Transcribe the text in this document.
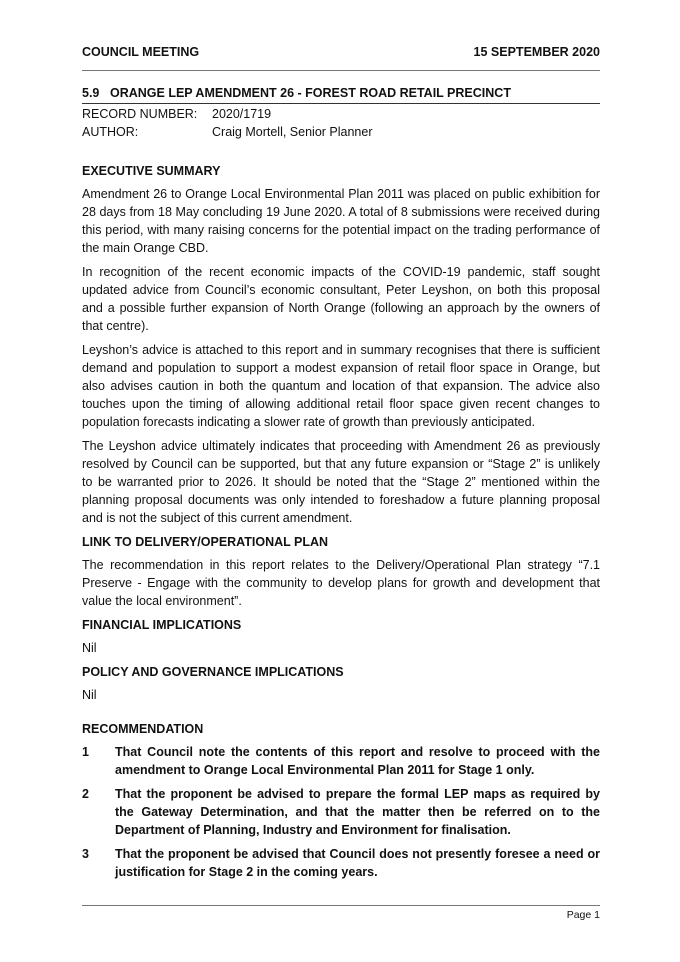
COUNCIL MEETING	15 SEPTEMBER 2020
5.9 ORANGE LEP AMENDMENT 26 - FOREST ROAD RETAIL PRECINCT
RECORD NUMBER:	2020/1719
AUTHOR:	Craig Mortell, Senior Planner
EXECUTIVE SUMMARY
Amendment 26 to Orange Local Environmental Plan 2011 was placed on public exhibition for 28 days from 18 May concluding 19 June 2020. A total of 8 submissions were received during this period, with many raising concerns for the potential impact on the trading performance of the main Orange CBD.
In recognition of the recent economic impacts of the COVID-19 pandemic, staff sought updated advice from Council’s economic consultant, Peter Leyshon, on both this proposal and a possible further expansion of North Orange (following an approach by the owners of that centre).
Leyshon’s advice is attached to this report and in summary recognises that there is sufficient demand and population to support a modest expansion of retail floor space in Orange, but also advises caution in both the quantum and location of that expansion. The advice also touches upon the timing of allowing additional retail floor space given recent changes to population forecasts indicating a slower rate of growth than previously anticipated.
The Leyshon advice ultimately indicates that proceeding with Amendment 26 as previously resolved by Council can be supported, but that any future expansion or “Stage 2” is unlikely to be warranted prior to 2026. It should be noted that the “Stage 2” mentioned within the planning proposal documents was only intended to foreshadow a future planning proposal and is not the subject of this current amendment.
LINK TO DELIVERY/OPERATIONAL PLAN
The recommendation in this report relates to the Delivery/Operational Plan strategy “7.1 Preserve - Engage with the community to develop plans for growth and development that value the local environment”.
FINANCIAL IMPLICATIONS
Nil
POLICY AND GOVERNANCE IMPLICATIONS
Nil
RECOMMENDATION
1	That Council note the contents of this report and resolve to proceed with the amendment to Orange Local Environmental Plan 2011 for Stage 1 only.
2	That the proponent be advised to prepare the formal LEP maps as required by the Gateway Determination, and that the matter then be referred on to the Department of Planning, Industry and Environment for finalisation.
3	That the proponent be advised that Council does not presently foresee a need or justification for Stage 2 in the coming years.
Page 1
